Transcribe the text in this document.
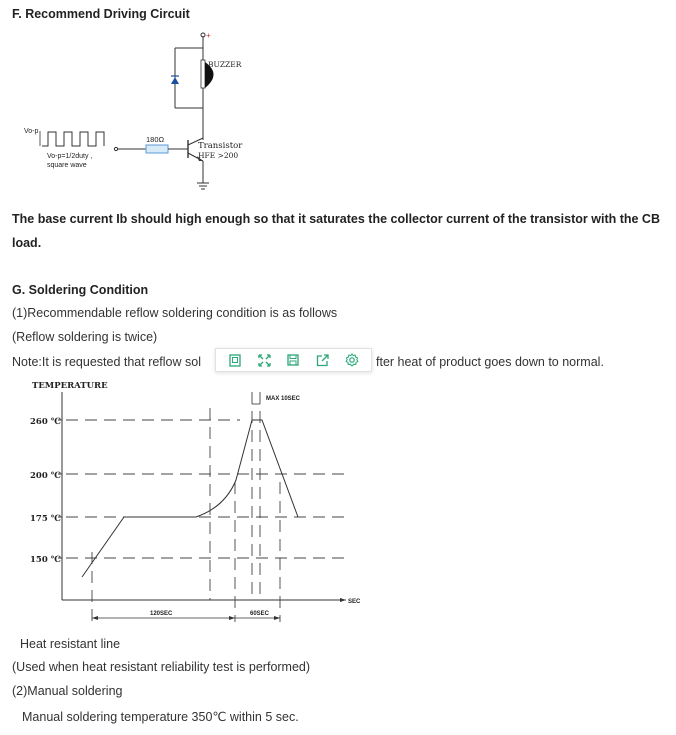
F. Recommend Driving Circuit
+
BUZZER
Transistor
HFE >200
180Ω
Vo-p
Vo-p=1/2duty ,
square wave
The base current Ib should high enough so that it saturates the collector current of the transistor with the CB load.
G. Soldering Condition
(1)Recommendable reflow soldering condition is as follows
(Reflow soldering is twice)
Note:It is requested that reflow sol	fter heat of product goes down to normal.
TEMPERATURE
260 ℃
200 ℃
175 ℃
150 ℃
MAX 10SEC
120SEC	60SEC
SEC
Heat resistant line
(Used when heat resistant reliability test is performed)
(2)Manual soldering
Manual soldering temperature 350℃ within 5 sec.
